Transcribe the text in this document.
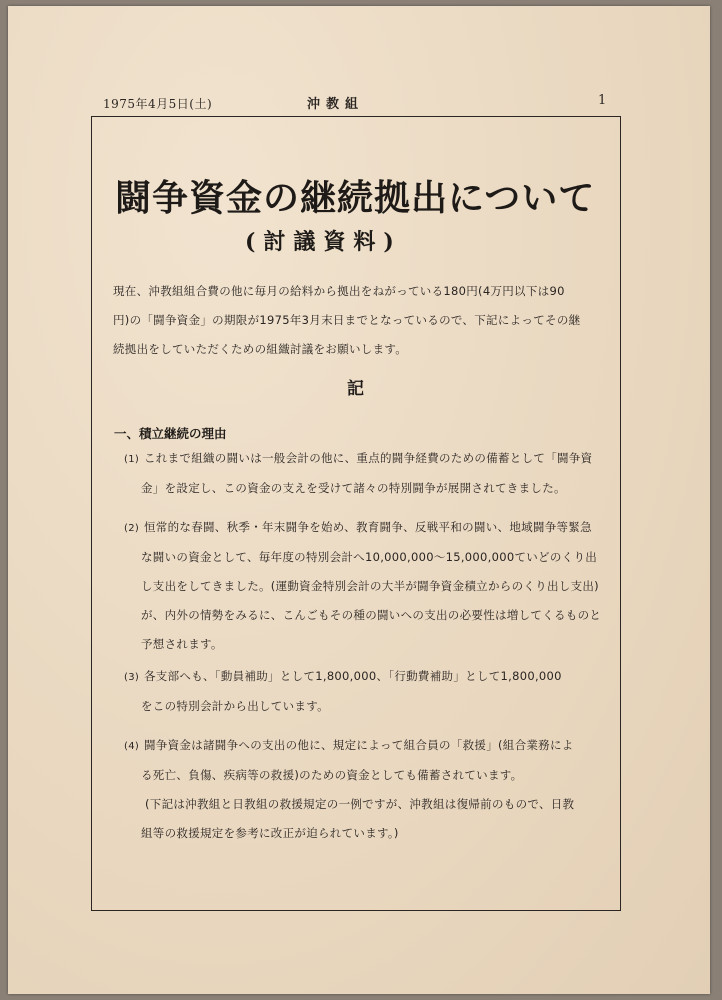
1975年4月5日(土)	沖教組	1
闘争資金の継続拠出について
(討議資料)

現在、沖教組組合費の他に毎月の給料から拠出をねがっている180円(4万円以下は90

円)の「闘争資金」の期限が1975年3月末日までとなっているので、下記によってその継

続拠出をしていただくための組織討議をお願いします。

記
一、積立継続の理由

(1) これまで組織の闘いは一般会計の他に、重点的闘争経費のための備蓄として「闘争資

金」を設定し、この資金の支えを受けて諸々の特別闘争が展開されてきました。

(2) 恒常的な春闘、秋季・年末闘争を始め、教育闘争、反戦平和の闘い、地域闘争等緊急

な闘いの資金として、毎年度の特別会計へ10,000,000〜15,000,000ていどのくり出

し支出をしてきました。(運動資金特別会計の大半が闘争資金積立からのくり出し支出)

が、内外の情勢をみるに、こんごもその種の闘いへの支出の必要性は増してくるものと

予想されます。

(3) 各支部へも、「動員補助」として1,800,000、「行動費補助」として1,800,000

をこの特別会計から出しています。

(4) 闘争資金は諸闘争への支出の他に、規定によって組合員の「救援」(組合業務によ

る死亡、負傷、疾病等の救援)のための資金としても備蓄されています。

(下記は沖教組と日教組の救援規定の一例ですが、沖教組は復帰前のもので、日教

組等の救援規定を参考に改正が迫られています。)
